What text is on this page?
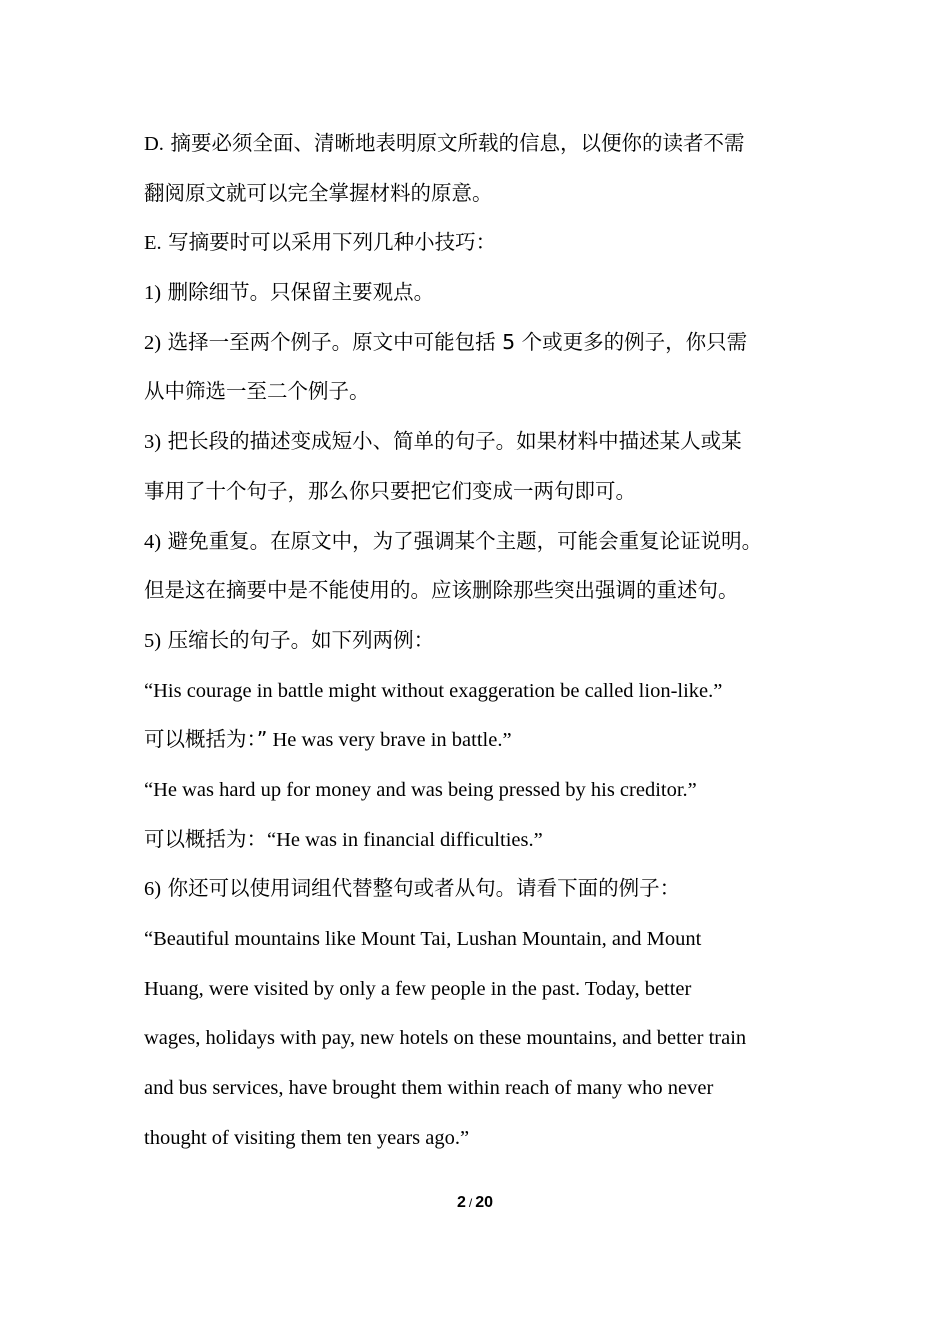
D. 摘要必须全面、清晰地表明原文所载的信息，以便你的读者不需
翻阅原文就可以完全掌握材料的原意。
E. 写摘要时可以采用下列几种小技巧：
1) 删除细节。只保留主要观点。
2) 选择一至两个例子。原文中可能包括 5 个或更多的例子，你只需
从中筛选一至二个例子。
3) 把长段的描述变成短小、简单的句子。如果材料中描述某人或某
事用了十个句子，那么你只要把它们变成一两句即可。
4) 避免重复。在原文中，为了强调某个主题，可能会重复论证说明。
但是这在摘要中是不能使用的。应该删除那些突出强调的重述句。
5) 压缩长的句子。如下列两例：
“His courage in battle might without exaggeration be called lion-like.”
可以概括为：” He was very brave in battle.”
“He was hard up for money and was being pressed by his creditor.”
可以概括为：“He was in financial difficulties.”
6) 你还可以使用词组代替整句或者从句。请看下面的例子：
“Beautiful mountains like Mount Tai, Lushan Mountain, and Mount
Huang, were visited by only a few people in the past. Today, better
wages, holidays with pay, new hotels on these mountains, and better train
and bus services, have brought them within reach of many who never
thought of visiting them ten years ago.”
2 / 20
